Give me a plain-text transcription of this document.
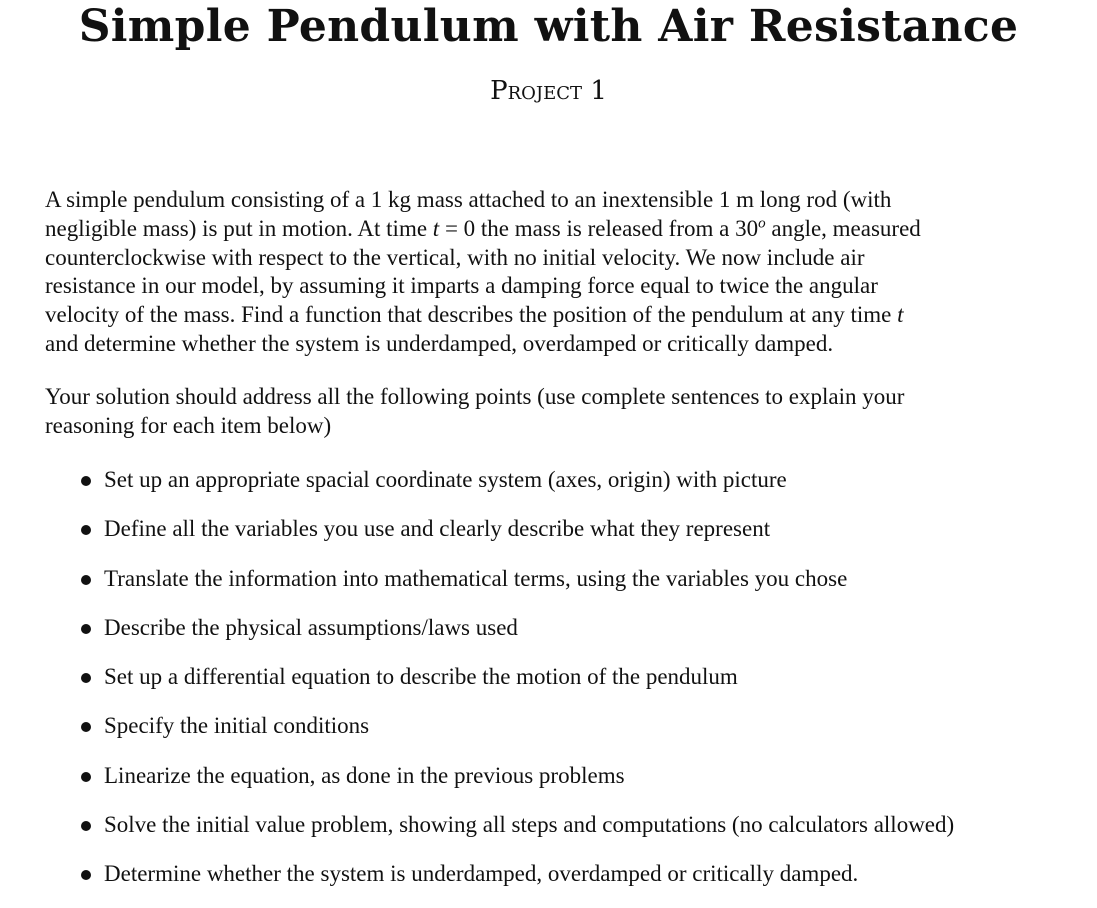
Simple Pendulum with Air Resistance
Project 1
A simple pendulum consisting of a 1 kg mass attached to an inextensible 1 m long rod (with
negligible mass) is put in motion. At time t = 0 the mass is released from a 30$^o$ angle, measured
counterclockwise with respect to the vertical, with no initial velocity. We now include air
resistance in our model, by assuming it imparts a damping force equal to twice the angular
velocity of the mass. Find a function that describes the position of the pendulum at any time t
and determine whether the system is underdamped, overdamped or critically damped.
Your solution should address all the following points (use complete sentences to explain your
reasoning for each item below)
Set up an appropriate spacial coordinate system (axes, origin) with picture
Define all the variables you use and clearly describe what they represent
Translate the information into mathematical terms, using the variables you chose
Describe the physical assumptions/laws used
Set up a differential equation to describe the motion of the pendulum
Specify the initial conditions
Linearize the equation, as done in the previous problems
Solve the initial value problem, showing all steps and computations (no calculators allowed)
Determine whether the system is underdamped, overdamped or critically damped.
